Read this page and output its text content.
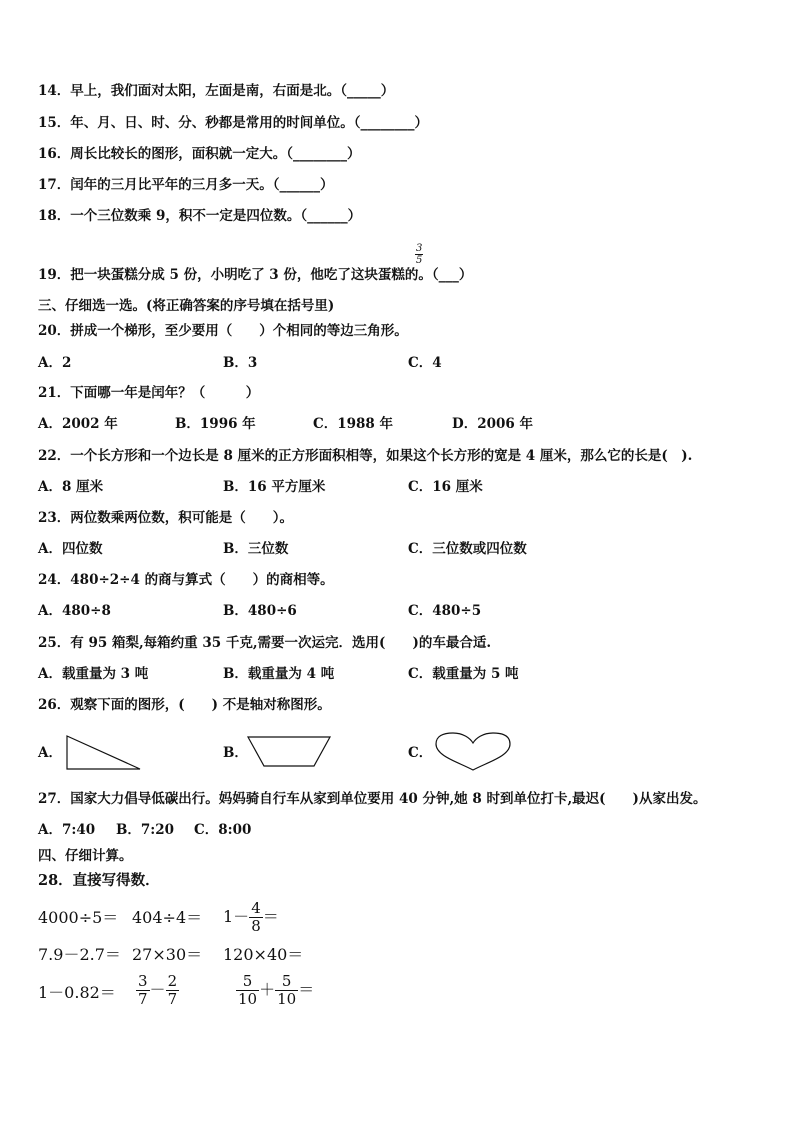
14．早上，我们面对太阳，左面是南，右面是北。（_____）
15．年、月、日、时、分、秒都是常用的时间单位。（________）
16．周长比较长的图形，面积就一定大。（________）
17．闰年的三月比平年的三月多一天。（______）
18．一个三位数乘 9，积不一定是四位数。（______）
19．把一块蛋糕分成 5 份，小明吃了 3 份，他吃了这块蛋糕的。（___）
$\frac{3}{5}$
三、仔细选一选。(将正确答案的序号填在括号里)
20．拼成一个梯形，至少要用（　　）个相同的等边三角形。
A．2	B．3	C．4
21．下面哪一年是闰年？（　　　）
A．2002 年	B．1996 年	C．1988 年	D．2006 年
22．一个长方形和一个边长是 8 厘米的正方形面积相等，如果这个长方形的宽是 4 厘米，那么它的长是(　).
A．8 厘米	B．16 平方厘米	C．16 厘米
23．两位数乘两位数，积可能是（　　）。
A．四位数	B．三位数	C．三位数或四位数
24．480÷2÷4 的商与算式（　　）的商相等。
A．480÷8	B．480÷6	C．480÷5
25．有 95 箱梨,每箱约重 35 千克,需要一次运完．选用(　　)的车最合适.
A．载重量为 3 吨	B．载重量为 4 吨	C．载重量为 5 吨
26．观察下面的图形，(　　) 不是轴对称图形。
A．	B．	C．
27．国家大力倡导低碳出行。妈妈骑自行车从家到单位要用 40 分钟,她 8 时到单位打卡,最迟(　　)从家出发。
A．7:40 B．7:20 C．8:00
四、仔细计算。
28．直接写得数．
$4000\div 5= 404\div 4= 1- \frac{4}{8}$ ＝
7.9－2.7＝ 27×30＝ 120×40＝
$1-0.82= \frac{3}{7} - \frac{2}{7}$	$\frac{5}{10} + \frac{5}{10}$ ＝
